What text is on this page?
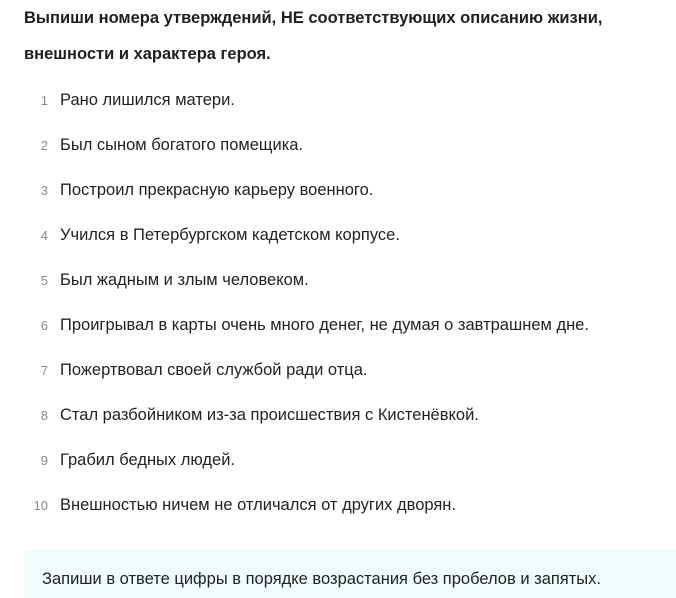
Выпиши номера утверждений, НЕ соответствующих описанию жизни, внешности и характера героя.

1 Рано лишился матери.
2 Был сыном богатого помещика.
3 Построил прекрасную карьеру военного.
4 Учился в Петербургском кадетском корпусе.
5 Был жадным и злым человеком.
6 Проигрывал в карты очень много денег, не думая о завтрашнем дне.
7 Пожертвовал своей службой ради отца.
8 Стал разбойником из-за происшествия с Кистенёвкой.
9 Грабил бедных людей.
10 Внешностью ничем не отличался от других дворян.
Запиши в ответе цифры в порядке возрастания без пробелов и запятых.
